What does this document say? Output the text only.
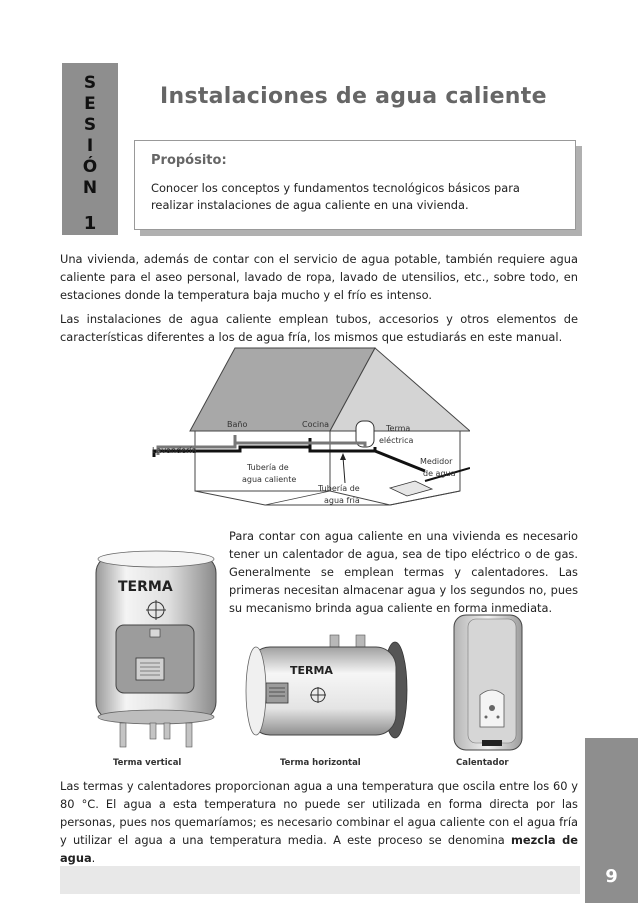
S
E
S
I
Ó
N
1
Instalaciones de agua caliente
Propósito:
Conocer los conceptos y fundamentos tecnológicos básicos para realizar instalaciones de agua caliente en una vivienda.

Una vivienda, además de contar con el servicio de agua potable, también requiere agua caliente para el aseo personal, lavado de ropa, lavado de utensilios, etc., sobre todo, en estaciones donde la temperatura baja mucho y el frío es intenso.

Las instalaciones de agua caliente emplean tubos, accesorios y otros elementos de características diferentes a los de agua fría, los mismos que estudiarás en este manual.

Baño	Cocina	Terma
eléctrica
Lavandería
Medidor
de agua
Tubería de
agua caliente
Tubería de
agua fría

Para contar con agua caliente en una vivienda es necesario tener un calentador de agua, sea de tipo eléctrico o de gas. Generalmente se emplean termas y calentadores. Las primeras necesitan almacenar agua y los segundos no, pues su mecanismo brinda agua caliente en forma inmediata.

TERMA
Terma vertical
TERMA
Terma horizontal	Calentador

Las termas y calentadores proporcionan agua a una temperatura que oscila entre los 60 y 80 °C. El agua a esta temperatura no puede ser utilizada en forma directa por las personas, pues nos quemaríamos; es necesario combinar el agua caliente con el agua fría y utilizar el agua a una temperatura media. A este proceso se denomina mezcla de agua.

9
